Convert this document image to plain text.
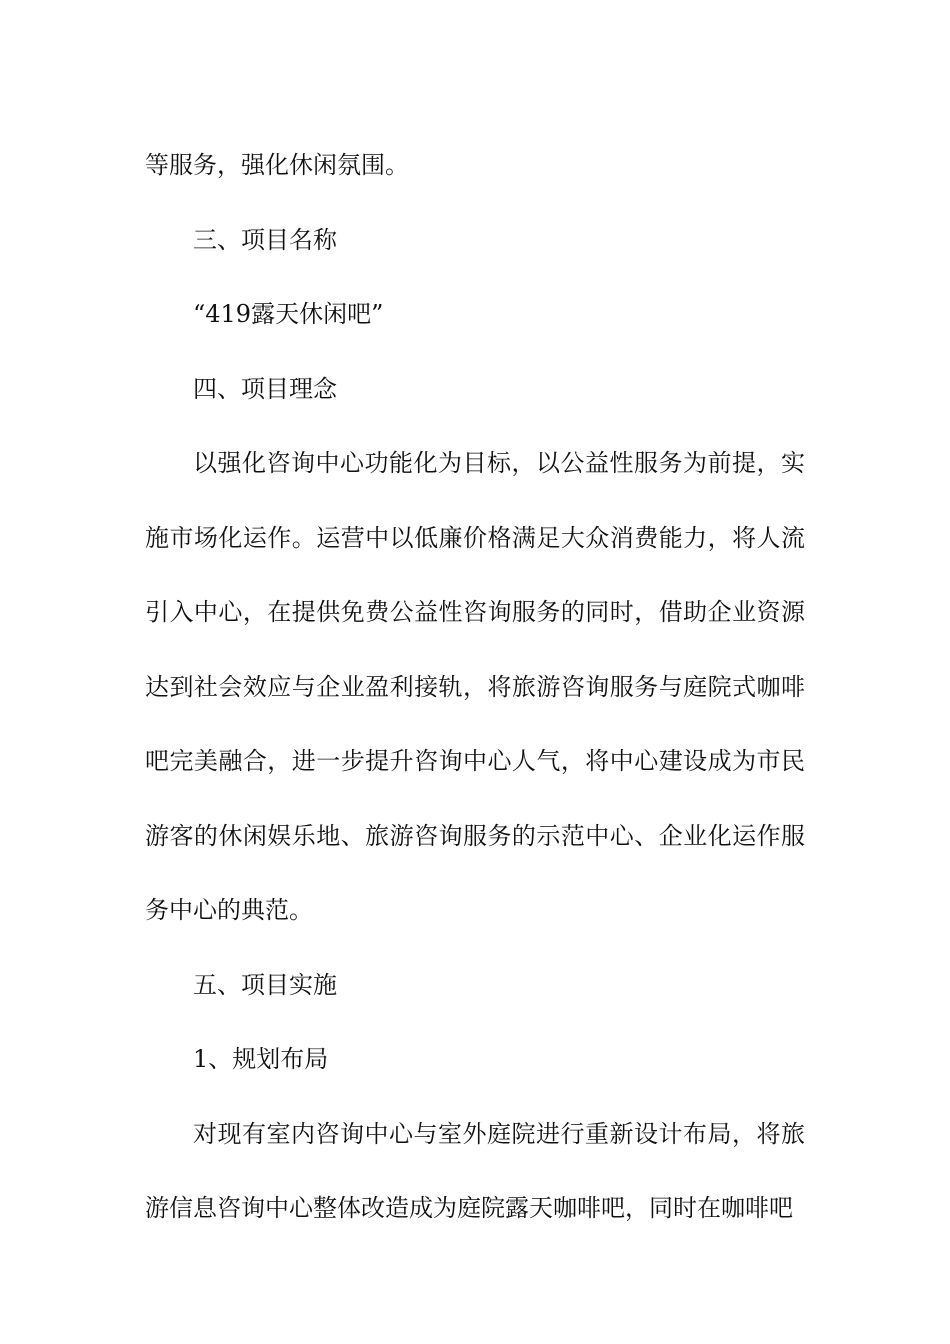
等服务，强化休闲氛围。

三、项目名称

“419露天休闲吧”

四、项目理念

以强化咨询中心功能化为目标，以公益性服务为前提，实施市场化运作。运营中以低廉价格满足大众消费能力，将人流引入中心，在提供免费公益性咨询服务的同时，借助企业资源达到社会效应与企业盈利接轨，将旅游咨询服务与庭院式咖啡吧完美融合，进一步提升咨询中心人气，将中心建设成为市民游客的休闲娱乐地、旅游咨询服务的示范中心、企业化运作服务中心的典范。

五、项目实施

1、规划布局

对现有室内咨询中心与室外庭院进行重新设计布局，将旅游信息咨询中心整体改造成为庭院露天咖啡吧，同时在咖啡吧
